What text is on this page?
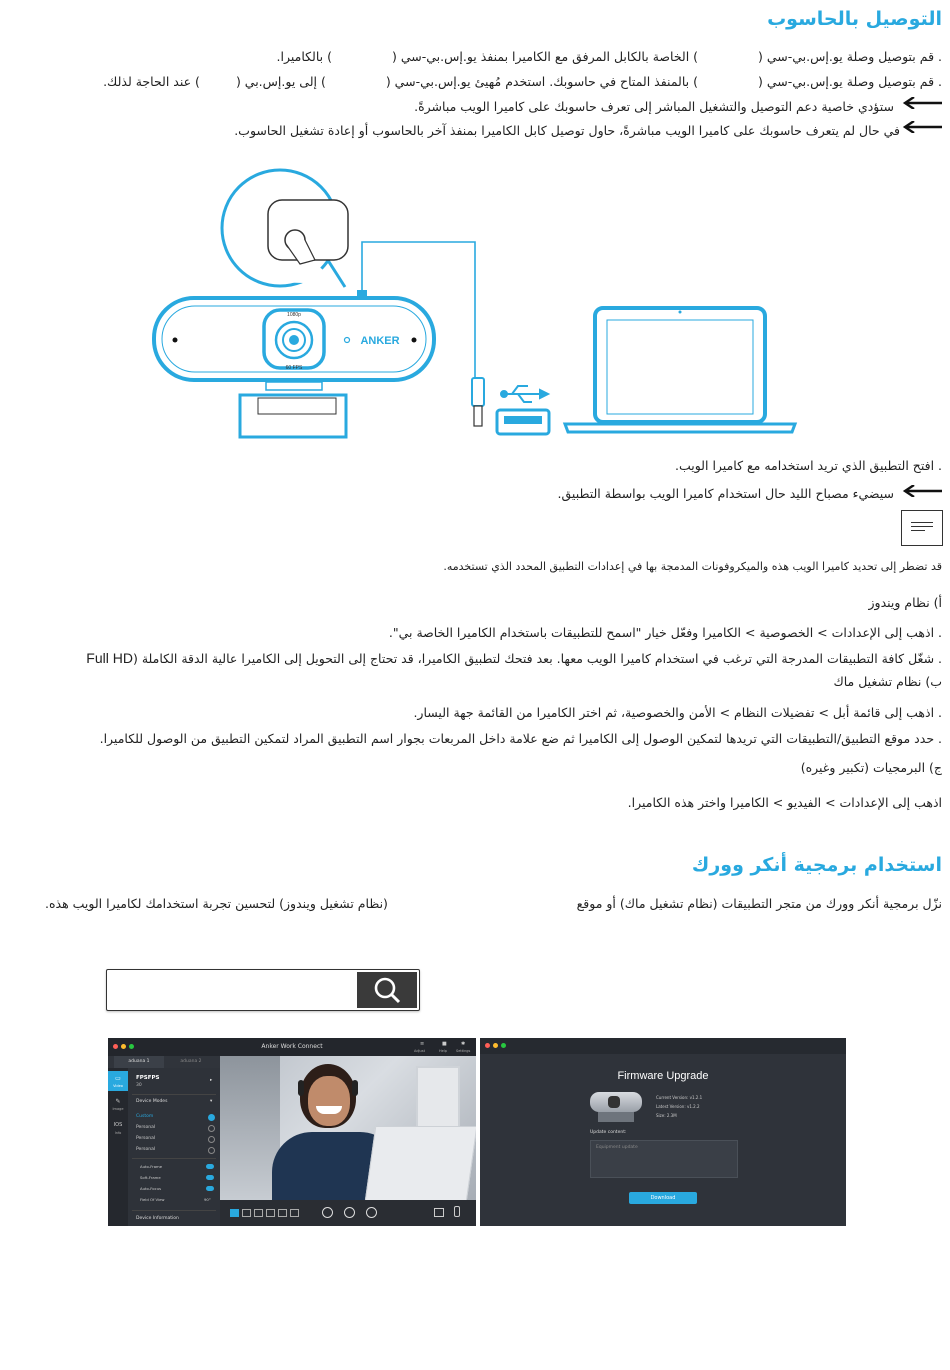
التوصيل بالحاسوب
. قم بتوصيل وصلة يو.إس.بي-سي () الخاصة بالكابل المرفق مع الكاميرا بمنفذ يو.إس.بي-سي () بالكاميرا.
. قم بتوصيل وصلة يو.إس.بي-سي () بالمنفذ المتاح في حاسوبك. استخدم مُهيئ يو.إس.بي-سي () إلى يو.إس.بي () عند الحاجة لذلك.
ستؤدي خاصية دعم التوصيل والتشغيل المباشر إلى تعرف حاسوبك على كاميرا الويب مباشرةً.
في حال لم يتعرف حاسوبك على كاميرا الويب مباشرةً، حاول توصيل كابل الكاميرا بمنفذ آخر بالحاسوب أو إعادة تشغيل الحاسوب.
1080p
60 FPS
ANKER
. افتح التطبيق الذي تريد استخدامه مع كاميرا الويب.
سيضيء مصباح الليد حال استخدام كاميرا الويب بواسطة التطبيق.
قد تضطر إلى تحديد كاميرا الويب هذه والميكروفونات المدمجة بها في إعدادات التطبيق المحدد الذي تستخدمه.
أ) نظام ويندوز
. اذهب إلى الإعدادات > الخصوصية > الكاميرا وفعّل خيار "اسمح للتطبيقات باستخدام الكاميرا الخاصة بي".
. شغّل كافة التطبيقات المدرجة التي ترغب في استخدام كاميرا الويب معها. بعد فتحك لتطبيق الكاميرا، قد تحتاج إلى التحويل إلى الكاميرا عالية الدقة الكاملة (Full HD
ب) نظام تشغيل ماك
. اذهب إلى قائمة أبل > تفضيلات النظام > الأمن والخصوصية، ثم اختر الكاميرا من القائمة جهة اليسار.
. حدد موقع التطبيق/التطبيقات التي تريدها لتمكين الوصول إلى الكاميرا ثم ضع علامة داخل المربعات بجوار اسم التطبيق المراد لتمكين التطبيق من الوصول للكاميرا.
ج) البرمجيات (تكبير وغيره)
اذهب إلى الإعدادات > الفيديو > الكاميرا واختر هذه الكاميرا.
استخدام برمجية أنكر وورك
نزّل برمجية أنكر وورك من متجر التطبيقات (نظام تشغيل ماك) أو موقع
(نظام تشغيل ويندوز) لتحسين تجربة استخدامك لكاميرا الويب هذه.
Anker Work Connect	≡	■	✱
Adjust	Help	Settings
aduana 1	aduana 2
▭
Video
✎
Image
IOS
Info
FPSFPS
30
▸
Device Modes	▾
Custom
Personal
Personal
Personal
Auto-Frame
Soft-Frame
Auto-Focus
Field Of View	90°
Device Information
Firmware Upgrade
Current Version: v1.2.1
Latest Version: v1.2.2
Size: 2.3M
Update content:
Equipment update
Download
